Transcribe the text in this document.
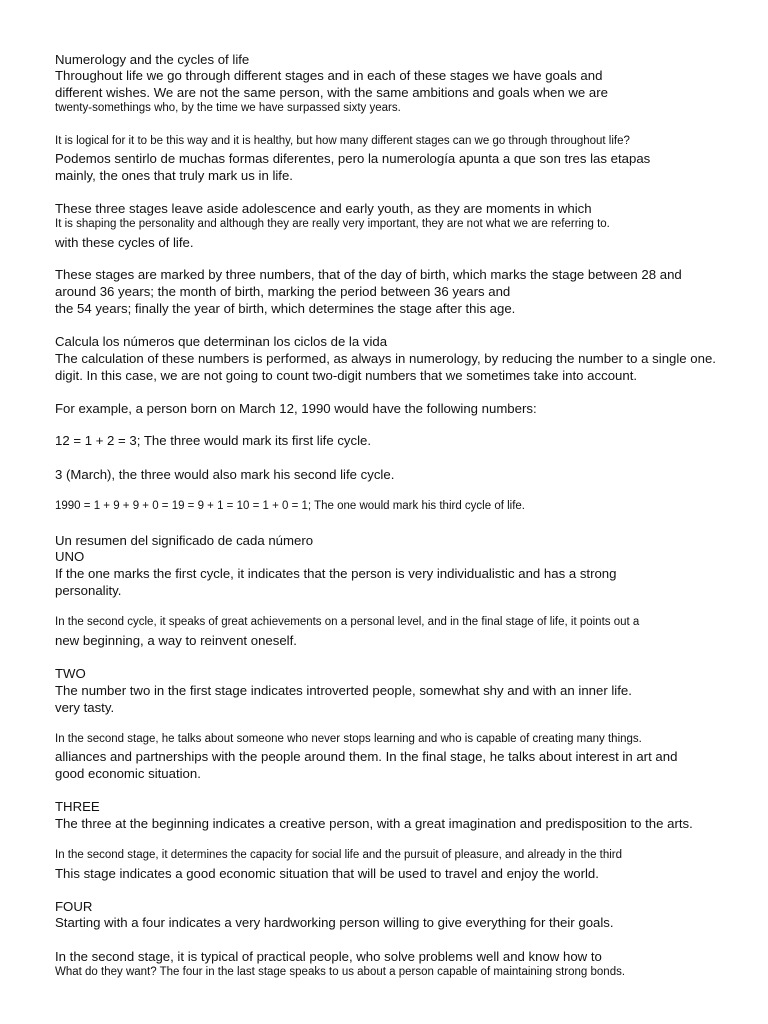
Numerology and the cycles of life
Throughout life we go through different stages and in each of these stages we have goals and
different wishes. We are not the same person, with the same ambitions and goals when we are
twenty-somethings who, by the time we have surpassed sixty years.
It is logical for it to be this way and it is healthy, but how many different stages can we go through throughout life?
Podemos sentirlo de muchas formas diferentes, pero la numerología apunta a que son tres las etapas
mainly, the ones that truly mark us in life.
These three stages leave aside adolescence and early youth, as they are moments in which
It is shaping the personality and although they are really very important, they are not what we are referring to.
with these cycles of life.
These stages are marked by three numbers, that of the day of birth, which marks the stage between 28 and
around 36 years; the month of birth, marking the period between 36 years and
the 54 years; finally the year of birth, which determines the stage after this age.
Calcula los números que determinan los ciclos de la vida
The calculation of these numbers is performed, as always in numerology, by reducing the number to a single one.
digit. In this case, we are not going to count two-digit numbers that we sometimes take into account.
For example, a person born on March 12, 1990 would have the following numbers:
12 = 1 + 2 = 3; The three would mark its first life cycle.
3 (March), the three would also mark his second life cycle.
1990 = 1 + 9 + 9 + 0 = 19 = 9 + 1 = 10 = 1 + 0 = 1; The one would mark his third cycle of life.
Un resumen del significado de cada número
UNO
If the one marks the first cycle, it indicates that the person is very individualistic and has a strong
personality.
In the second cycle, it speaks of great achievements on a personal level, and in the final stage of life, it points out a
new beginning, a way to reinvent oneself.
TWO
The number two in the first stage indicates introverted people, somewhat shy and with an inner life.
very tasty.
In the second stage, he talks about someone who never stops learning and who is capable of creating many things.
alliances and partnerships with the people around them. In the final stage, he talks about interest in art and
good economic situation.
THREE
The three at the beginning indicates a creative person, with a great imagination and predisposition to the arts.
In the second stage, it determines the capacity for social life and the pursuit of pleasure, and already in the third
This stage indicates a good economic situation that will be used to travel and enjoy the world.
FOUR
Starting with a four indicates a very hardworking person willing to give everything for their goals.
In the second stage, it is typical of practical people, who solve problems well and know how to
What do they want? The four in the last stage speaks to us about a person capable of maintaining strong bonds.
